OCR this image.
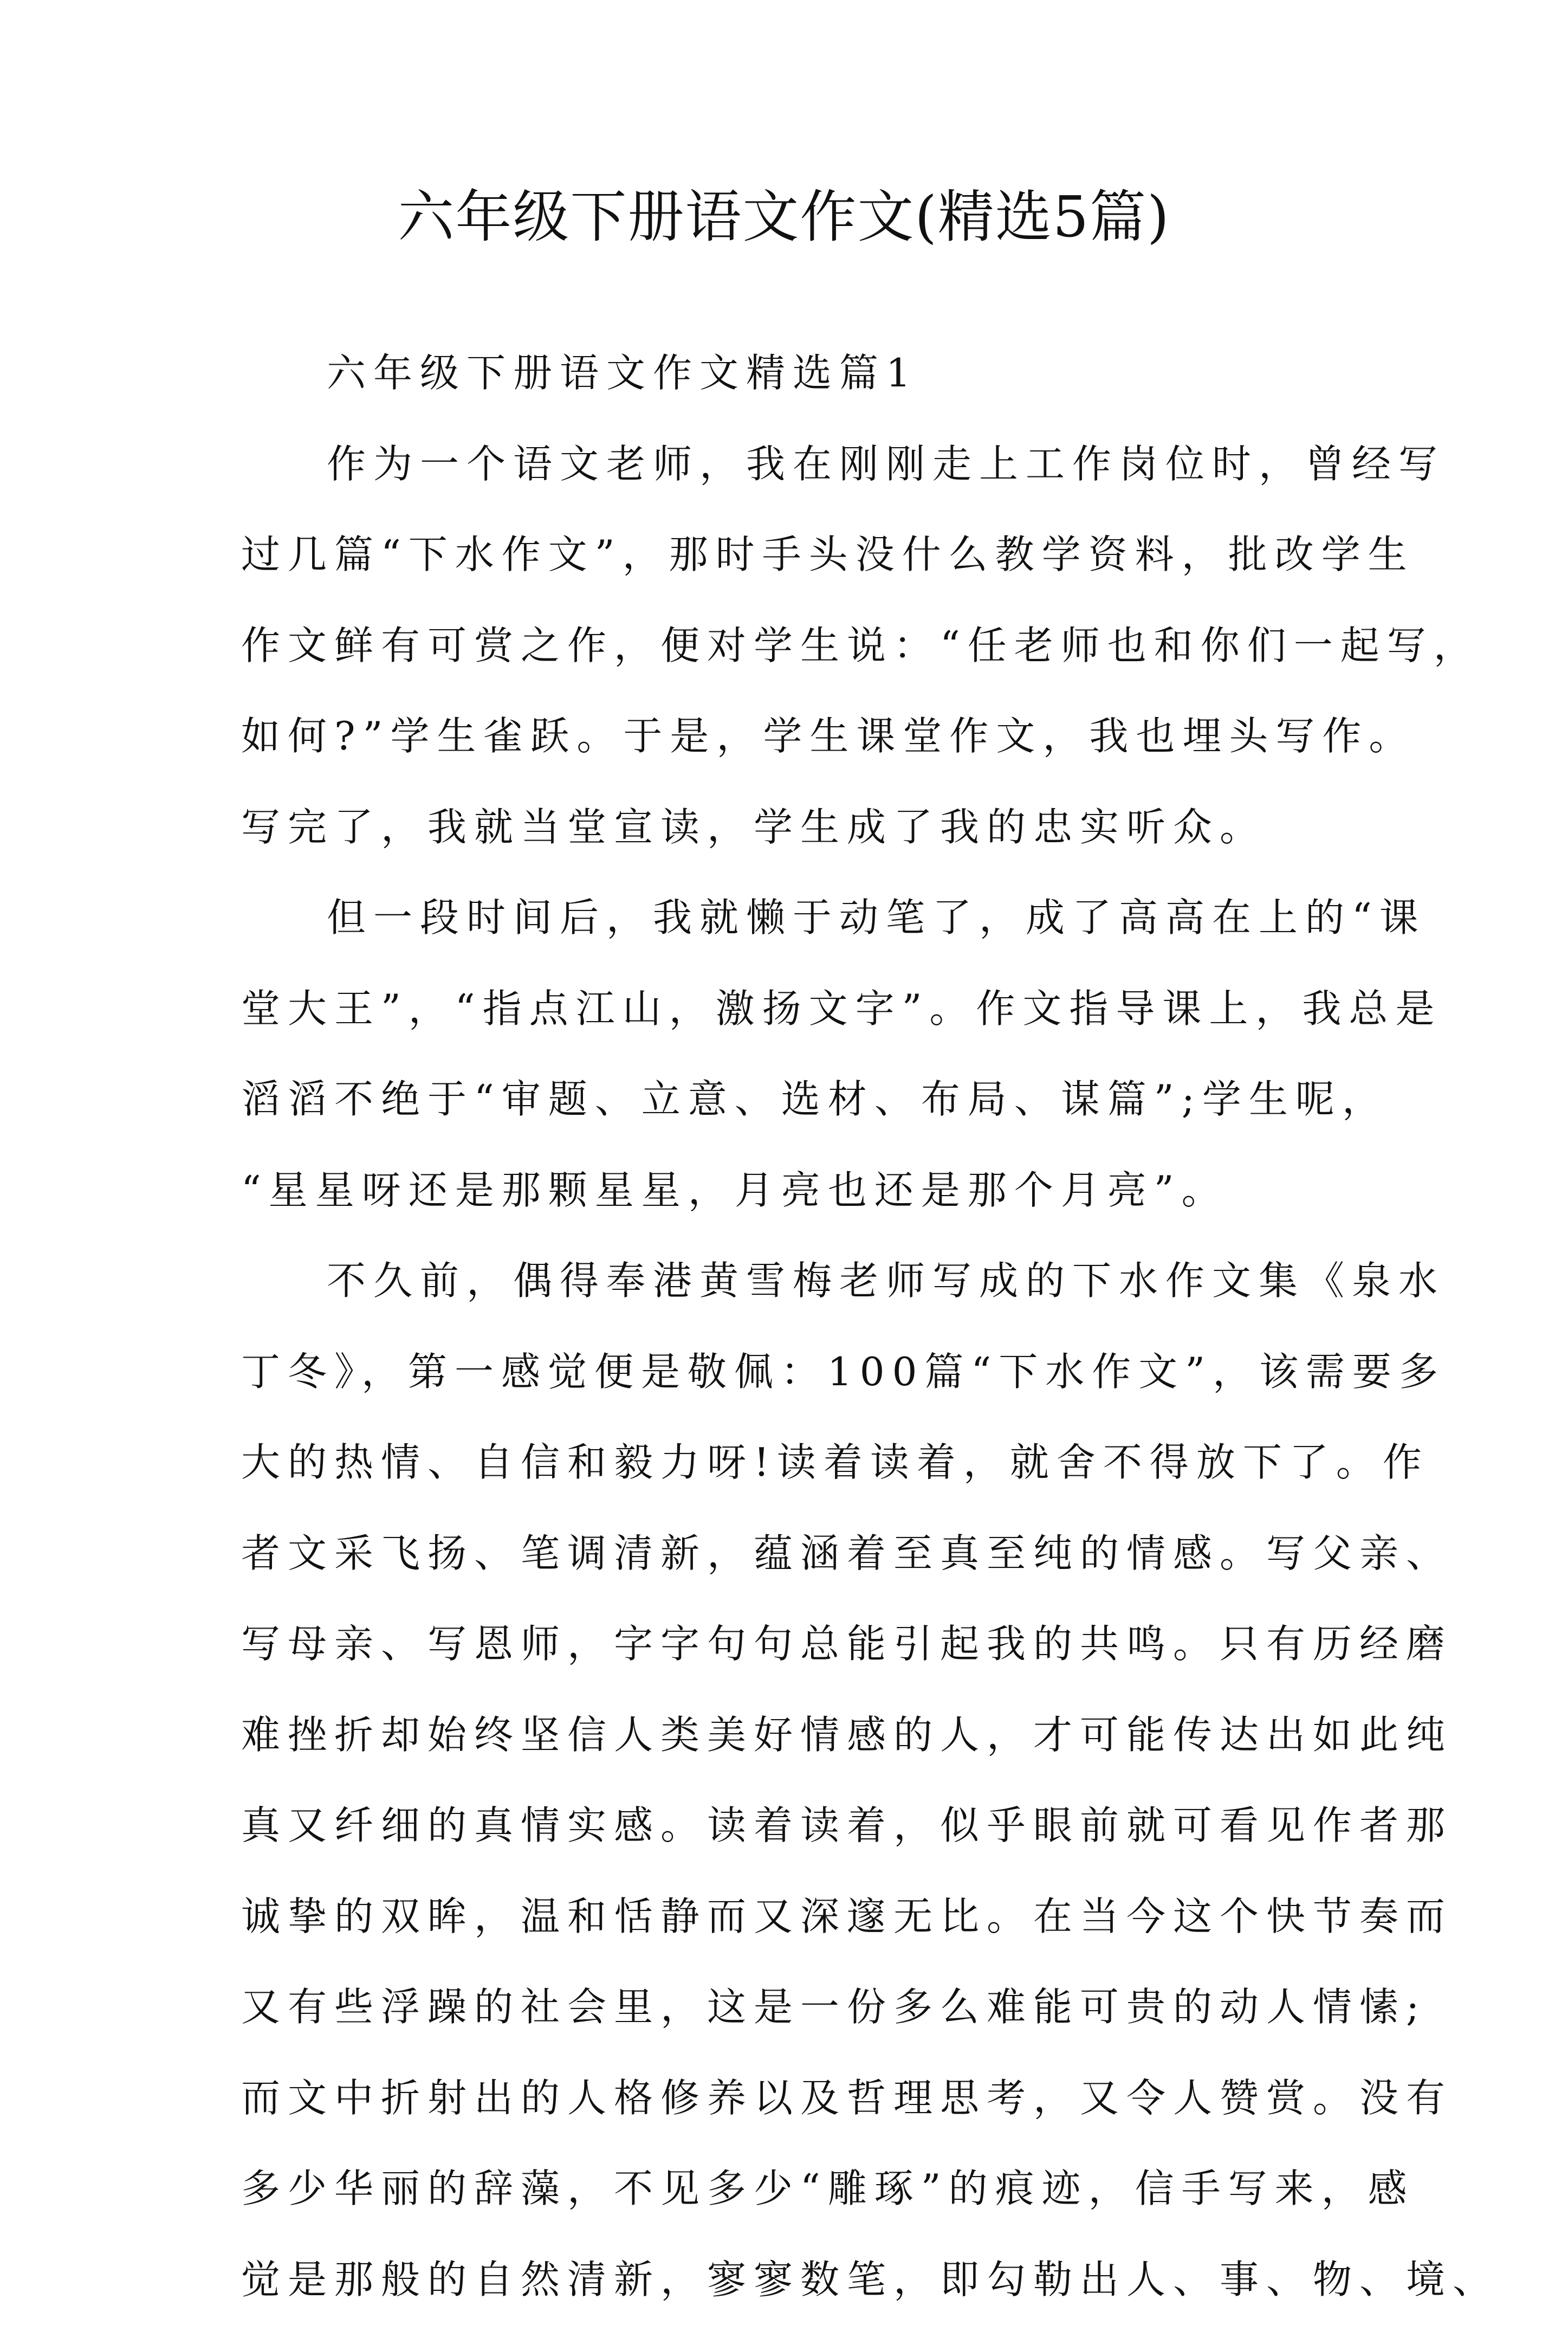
六年级下册语文作文(精选5篇)
六年级下册语文作文精选篇1
作为一个语文老师，我在刚刚走上工作岗位时，曾经写
过几篇“下水作文”，那时手头没什么教学资料，批改学生
作文鲜有可赏之作，便对学生说：“任老师也和你们一起写，
如何?”学生雀跃。于是，学生课堂作文，我也埋头写作。
写完了，我就当堂宣读，学生成了我的忠实听众。
但一段时间后，我就懒于动笔了，成了高高在上的“课
堂大王”，“指点江山，激扬文字”。作文指导课上，我总是
滔滔不绝于“审题、立意、选材、布局、谋篇”;学生呢，
“星星呀还是那颗星星，月亮也还是那个月亮”。
不久前，偶得奉港黄雪梅老师写成的下水作文集《泉水
丁冬》，第一感觉便是敬佩：100篇“下水作文”，该需要多
大的热情、自信和毅力呀!读着读着，就舍不得放下了。作
者文采飞扬、笔调清新，蕴涵着至真至纯的情感。写父亲、
写母亲、写恩师，字字句句总能引起我的共鸣。只有历经磨
难挫折却始终坚信人类美好情感的人，才可能传达出如此纯
真又纤细的真情实感。读着读着，似乎眼前就可看见作者那
诚挚的双眸，温和恬静而又深邃无比。在当今这个快节奏而
又有些浮躁的社会里，这是一份多么难能可贵的动人情愫;
而文中折射出的人格修养以及哲理思考，又令人赞赏。没有
多少华丽的辞藻，不见多少“雕琢”的痕迹，信手写来，感
觉是那般的自然清新，寥寥数笔，即勾勒出人、事、物、境、
